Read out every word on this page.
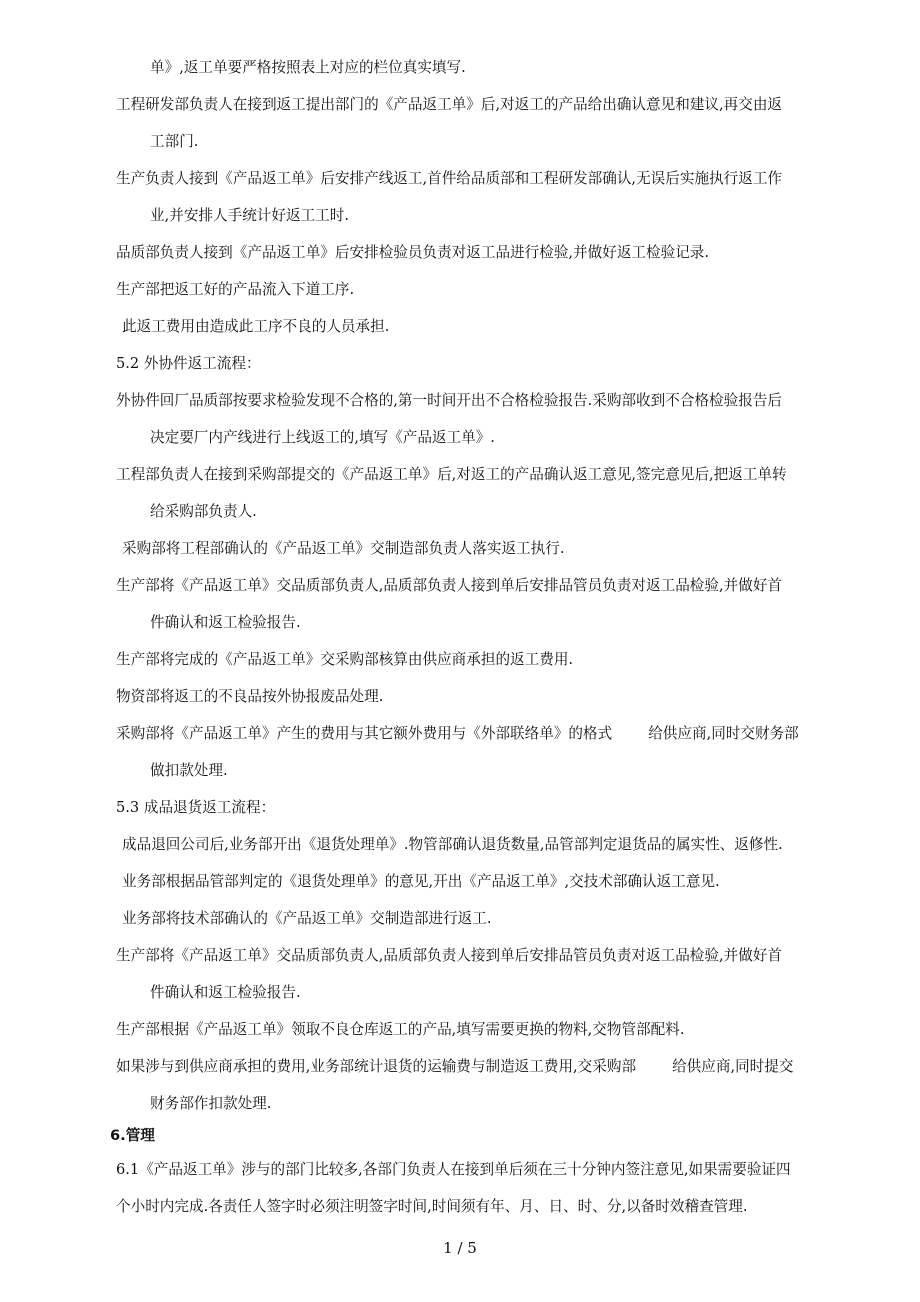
单》,返工单要严格按照表上对应的栏位真实填写.
工程研发部负责人在接到返工提出部门的《产品返工单》后,对返工的产品给出确认意见和建议,再交由返
工部门.
生产负责人接到《产品返工单》后安排产线返工,首件给品质部和工程研发部确认,无误后实施执行返工作
业,并安排人手统计好返工工时.
品质部负责人接到《产品返工单》后安排检验员负责对返工品进行检验,并做好返工检验记录.
生产部把返工好的产品流入下道工序.
此返工费用由造成此工序不良的人员承担.
5.2 外协件返工流程：
外协件回厂品质部按要求检验发现不合格的,第一时间开出不合格检验报告.采购部收到不合格检验报告后
决定要厂内产线进行上线返工的,填写《产品返工单》.
工程部负责人在接到采购部提交的《产品返工单》后,对返工的产品确认返工意见,签完意见后,把返工单转
给采购部负责人.
采购部将工程部确认的《产品返工单》交制造部负责人落实返工执行.
生产部将《产品返工单》交品质部负责人,品质部负责人接到单后安排品管员负责对返工品检验,并做好首
件确认和返工检验报告.
生产部将完成的《产品返工单》交采购部核算由供应商承担的返工费用.
物资部将返工的不良品按外协报废品处理.
采购部将《产品返工单》产生的费用与其它额外费用与《外部联络单》的格式 给供应商,同时交财务部
做扣款处理.
5.3 成品退货返工流程：
成品退回公司后,业务部开出《退货处理单》.物管部确认退货数量,品管部判定退货品的属实性、返修性.
业务部根据品管部判定的《退货处理单》的意见,开出《产品返工单》,交技术部确认返工意见.
业务部将技术部确认的《产品返工单》交制造部进行返工.
生产部将《产品返工单》交品质部负责人,品质部负责人接到单后安排品管员负责对返工品检验,并做好首
件确认和返工检验报告.
生产部根据《产品返工单》领取不良仓库返工的产品,填写需要更换的物料,交物管部配料.
如果涉与到供应商承担的费用,业务部统计退货的运输费与制造返工费用,交采购部 给供应商,同时提交
财务部作扣款处理.
6.管理
6.1《产品返工单》涉与的部门比较多,各部门负责人在接到单后须在三十分钟内签注意见,如果需要验证四
个小时内完成.各责任人签字时必须注明签字时间,时间须有年、月、日、时、分,以备时效稽查管理.
1 / 5
